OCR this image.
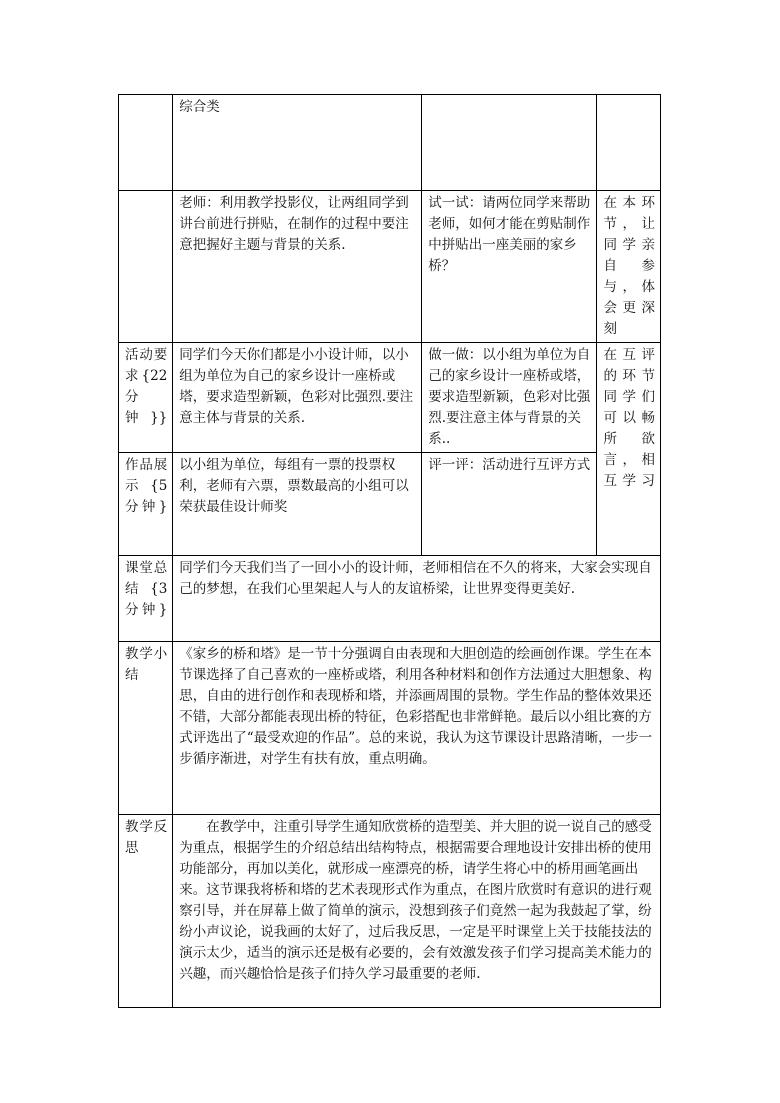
	综合类		
	老师：利用教学投影仪，让两组同学到讲台前进行拼贴，在制作的过程中要注意把握好主题与背景的关系.	试一试：请两位同学来帮助老师，如何才能在剪贴制作中拼贴出一座美丽的家乡桥？	在本环节，让同学亲自参与，体会更深刻
活动要求{22分钟}}	同学们今天你们都是小小设计师，以小组为单位为自己的家乡设计一座桥或塔，要求造型新颖，色彩对比强烈.要注意主体与背景的关系.	做一做：以小组为单位为自己的家乡设计一座桥或塔，要求造型新颖，色彩对比强烈.要注意主体与背景的关系..	在互评的环节同学们可以畅所欲言，相互学习
作品展示{5分钟}	以小组为单位，每组有一票的投票权利，老师有六票，票数最高的小组可以荣获最佳设计师奖	评一评：活动进行互评方式	
课堂总结{3分钟}	同学们今天我们当了一回小小的设计师，老师相信在不久的将来，大家会实现自己的梦想，在我们心里架起人与人的友谊桥梁，让世界变得更美好.		
教学小结	《家乡的桥和塔》是一节十分强调自由表现和大胆创造的绘画创作课。学生在本节课选择了自己喜欢的一座桥或塔，利用各种材料和创作方法通过大胆想象、构思，自由的进行创作和表现桥和塔，并添画周围的景物。学生作品的整体效果还不错，大部分都能表现出桥的特征，色彩搭配也非常鲜艳。最后以小组比赛的方式评选出了“最受欢迎的作品”。总的来说，我认为这节课设计思路清晰，一步一步循序渐进，对学生有扶有放，重点明确。		
教学反思	在教学中，注重引导学生通知欣赏桥的造型美、并大胆的说一说自己的感受为重点，根据学生的介绍总结出结构特点，根据需要合理地设计安排出桥的使用功能部分，再加以美化，就形成一座漂亮的桥，请学生将心中的桥用画笔画出来。这节课我将桥和塔的艺术表现形式作为重点，在图片欣赏时有意识的进行观察引导，并在屏幕上做了简单的演示，没想到孩子们竟然一起为我鼓起了掌，纷纷小声议论，说我画的太好了，过后我反思，一定是平时课堂上关于技能技法的演示太少，适当的演示还是极有必要的，会有效激发孩子们学习提高美术能力的兴趣，而兴趣恰恰是孩子们持久学习最重要的老师.		
